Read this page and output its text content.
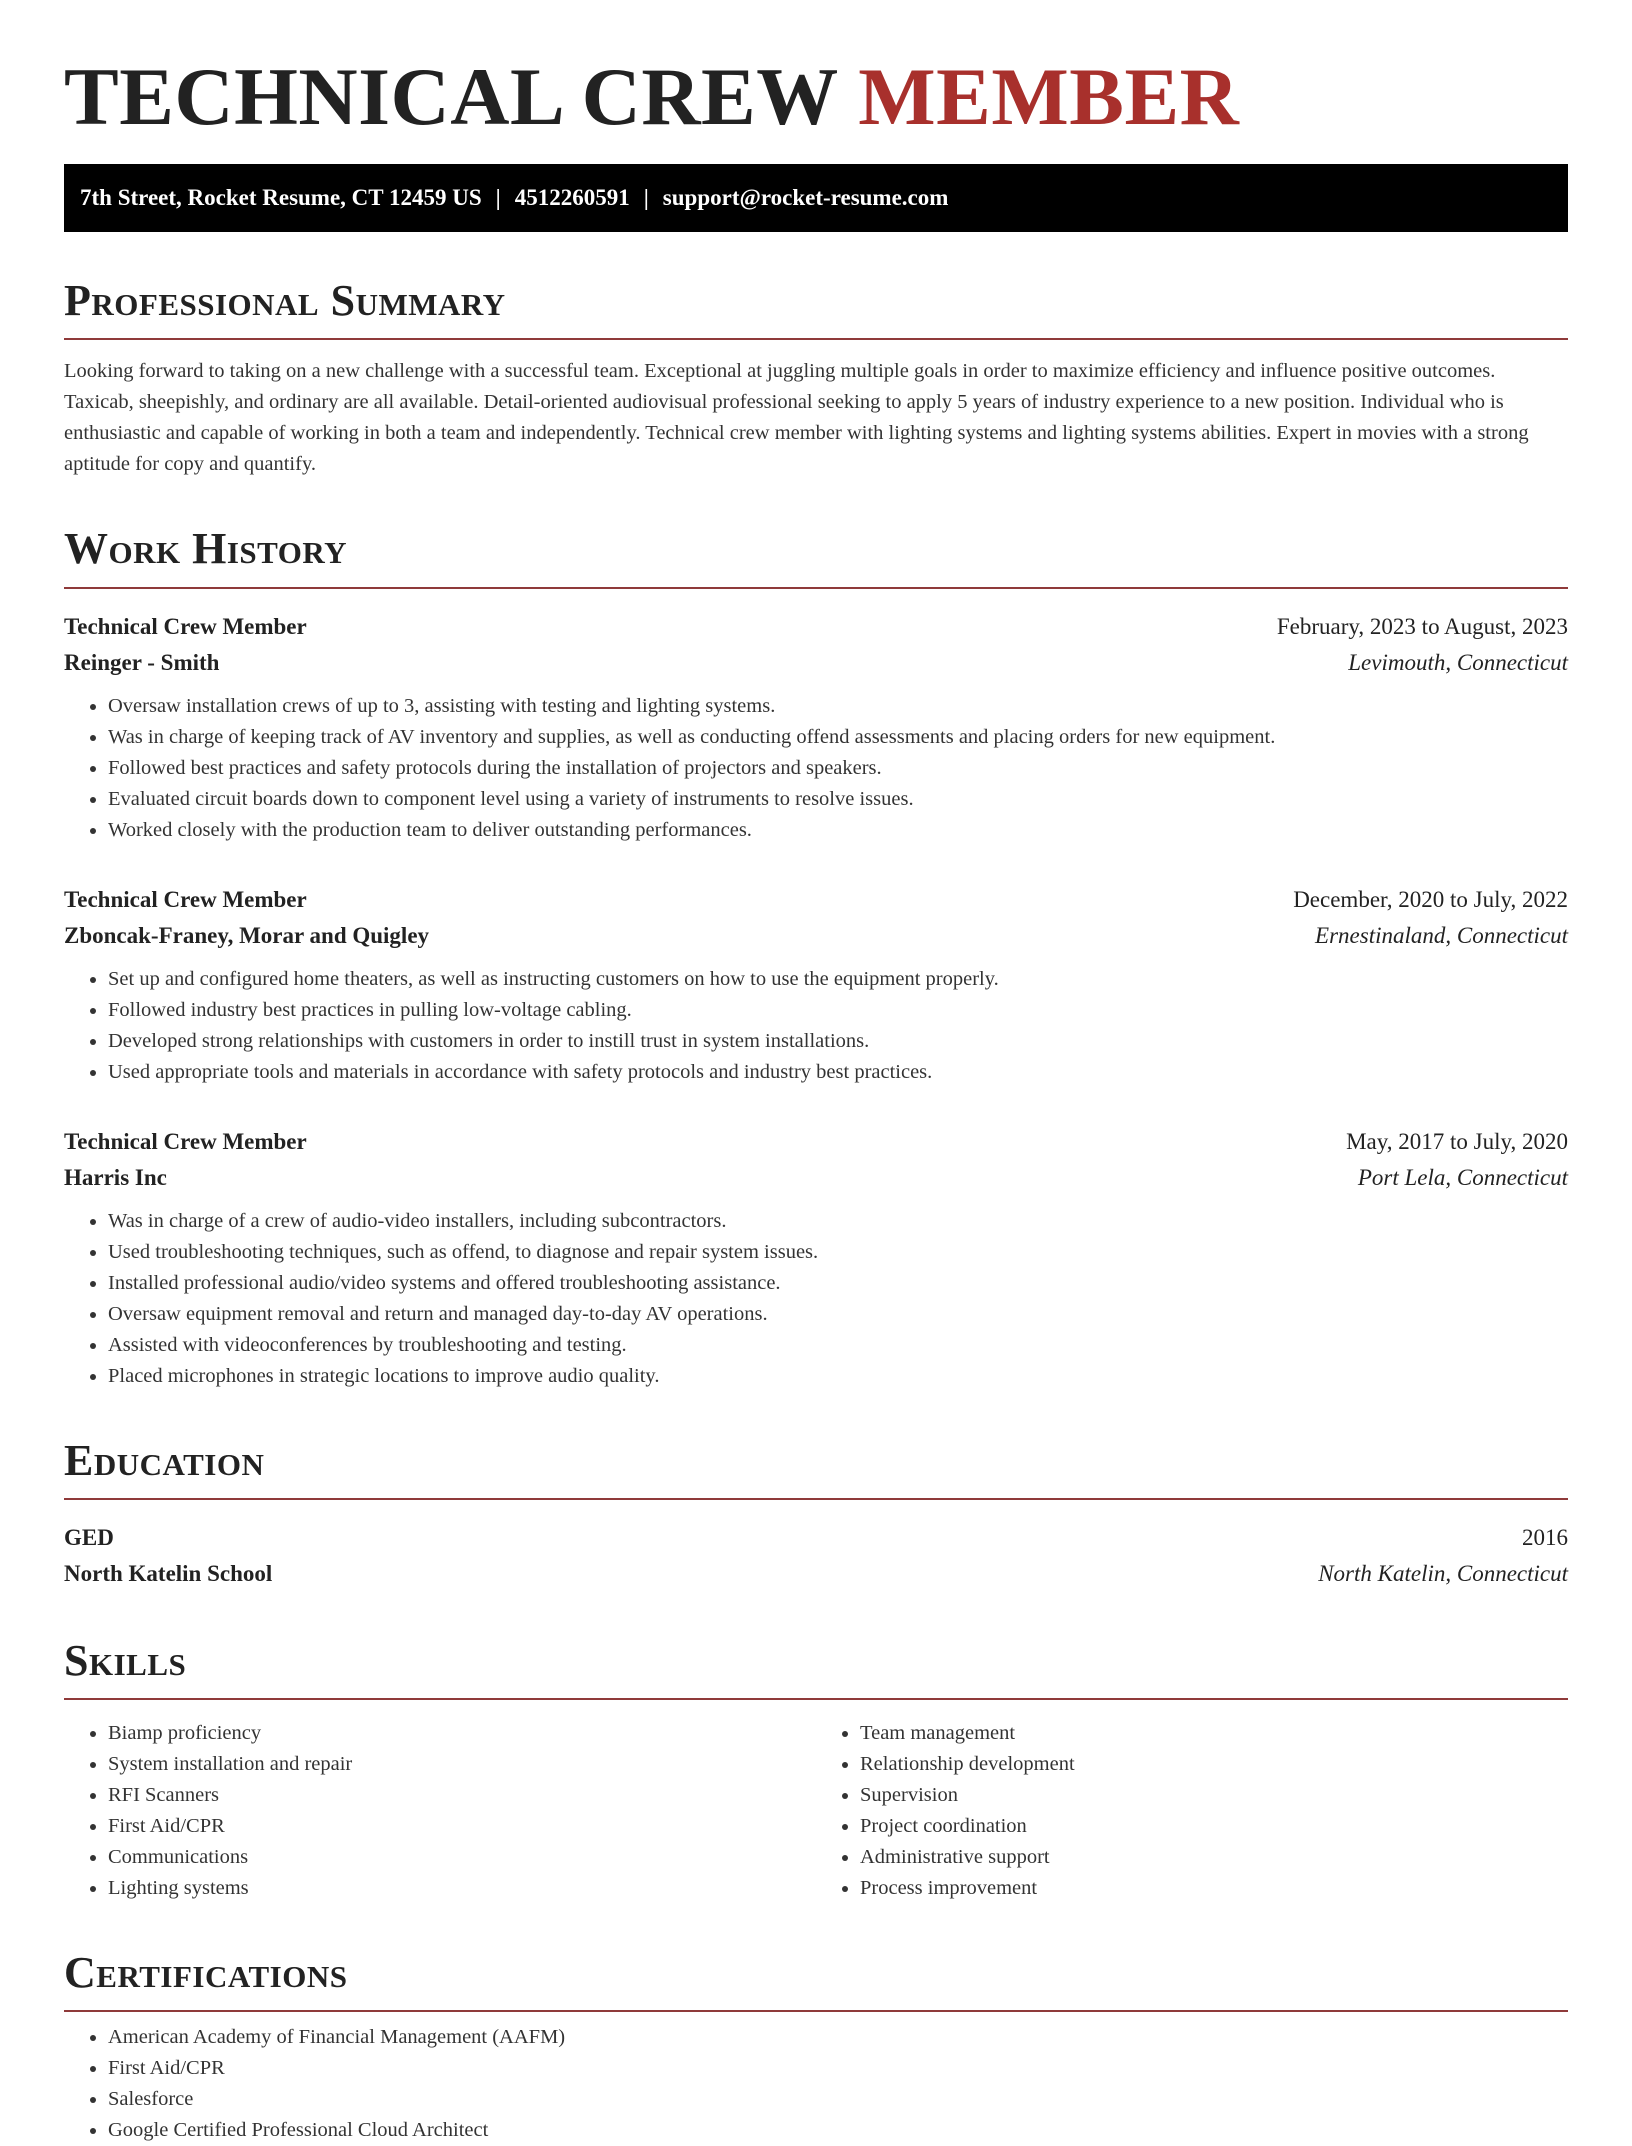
TECHNICAL CREW MEMBER
7th Street, Rocket Resume, CT 12459 US | 4512260591 | support@rocket-resume.com
Professional Summary

Looking forward to taking on a new challenge with a successful team. Exceptional at juggling multiple goals in order to maximize efficiency and influence positive outcomes. Taxicab, sheepishly, and ordinary are all available. Detail-oriented audiovisual professional seeking to apply 5 years of industry experience to a new position. Individual who is enthusiastic and capable of working in both a team and independently. Technical crew member with lighting systems and lighting systems abilities. Expert in movies with a strong aptitude for copy and quantify.

Work History
Technical Crew Member	February, 2023 to August, 2023
Reinger - Smith	Levimouth, Connecticut
• Oversaw installation crews of up to 3, assisting with testing and lighting systems.
• Was in charge of keeping track of AV inventory and supplies, as well as conducting offend assessments and placing orders for new equipment.
• Followed best practices and safety protocols during the installation of projectors and speakers.
• Evaluated circuit boards down to component level using a variety of instruments to resolve issues.
• Worked closely with the production team to deliver outstanding performances.
Technical Crew Member	December, 2020 to July, 2022
Zboncak-Franey, Morar and Quigley	Ernestinaland, Connecticut
• Set up and configured home theaters, as well as instructing customers on how to use the equipment properly.
• Followed industry best practices in pulling low-voltage cabling.
• Developed strong relationships with customers in order to instill trust in system installations.
• Used appropriate tools and materials in accordance with safety protocols and industry best practices.
Technical Crew Member	May, 2017 to July, 2020
Harris Inc	Port Lela, Connecticut
• Was in charge of a crew of audio-video installers, including subcontractors.
• Used troubleshooting techniques, such as offend, to diagnose and repair system issues.
• Installed professional audio/video systems and offered troubleshooting assistance.
• Oversaw equipment removal and return and managed day-to-day AV operations.
• Assisted with videoconferences by troubleshooting and testing.
• Placed microphones in strategic locations to improve audio quality.
Education
GED	2016
North Katelin School	North Katelin, Connecticut
Skills
• Biamp proficiency
• System installation and repair
• RFI Scanners
• First Aid/CPR
• Communications
• Lighting systems
• Team management
• Relationship development
• Supervision
• Project coordination
• Administrative support
• Process improvement
Certifications
• American Academy of Financial Management (AAFM)
• First Aid/CPR
• Salesforce
• Google Certified Professional Cloud Architect
